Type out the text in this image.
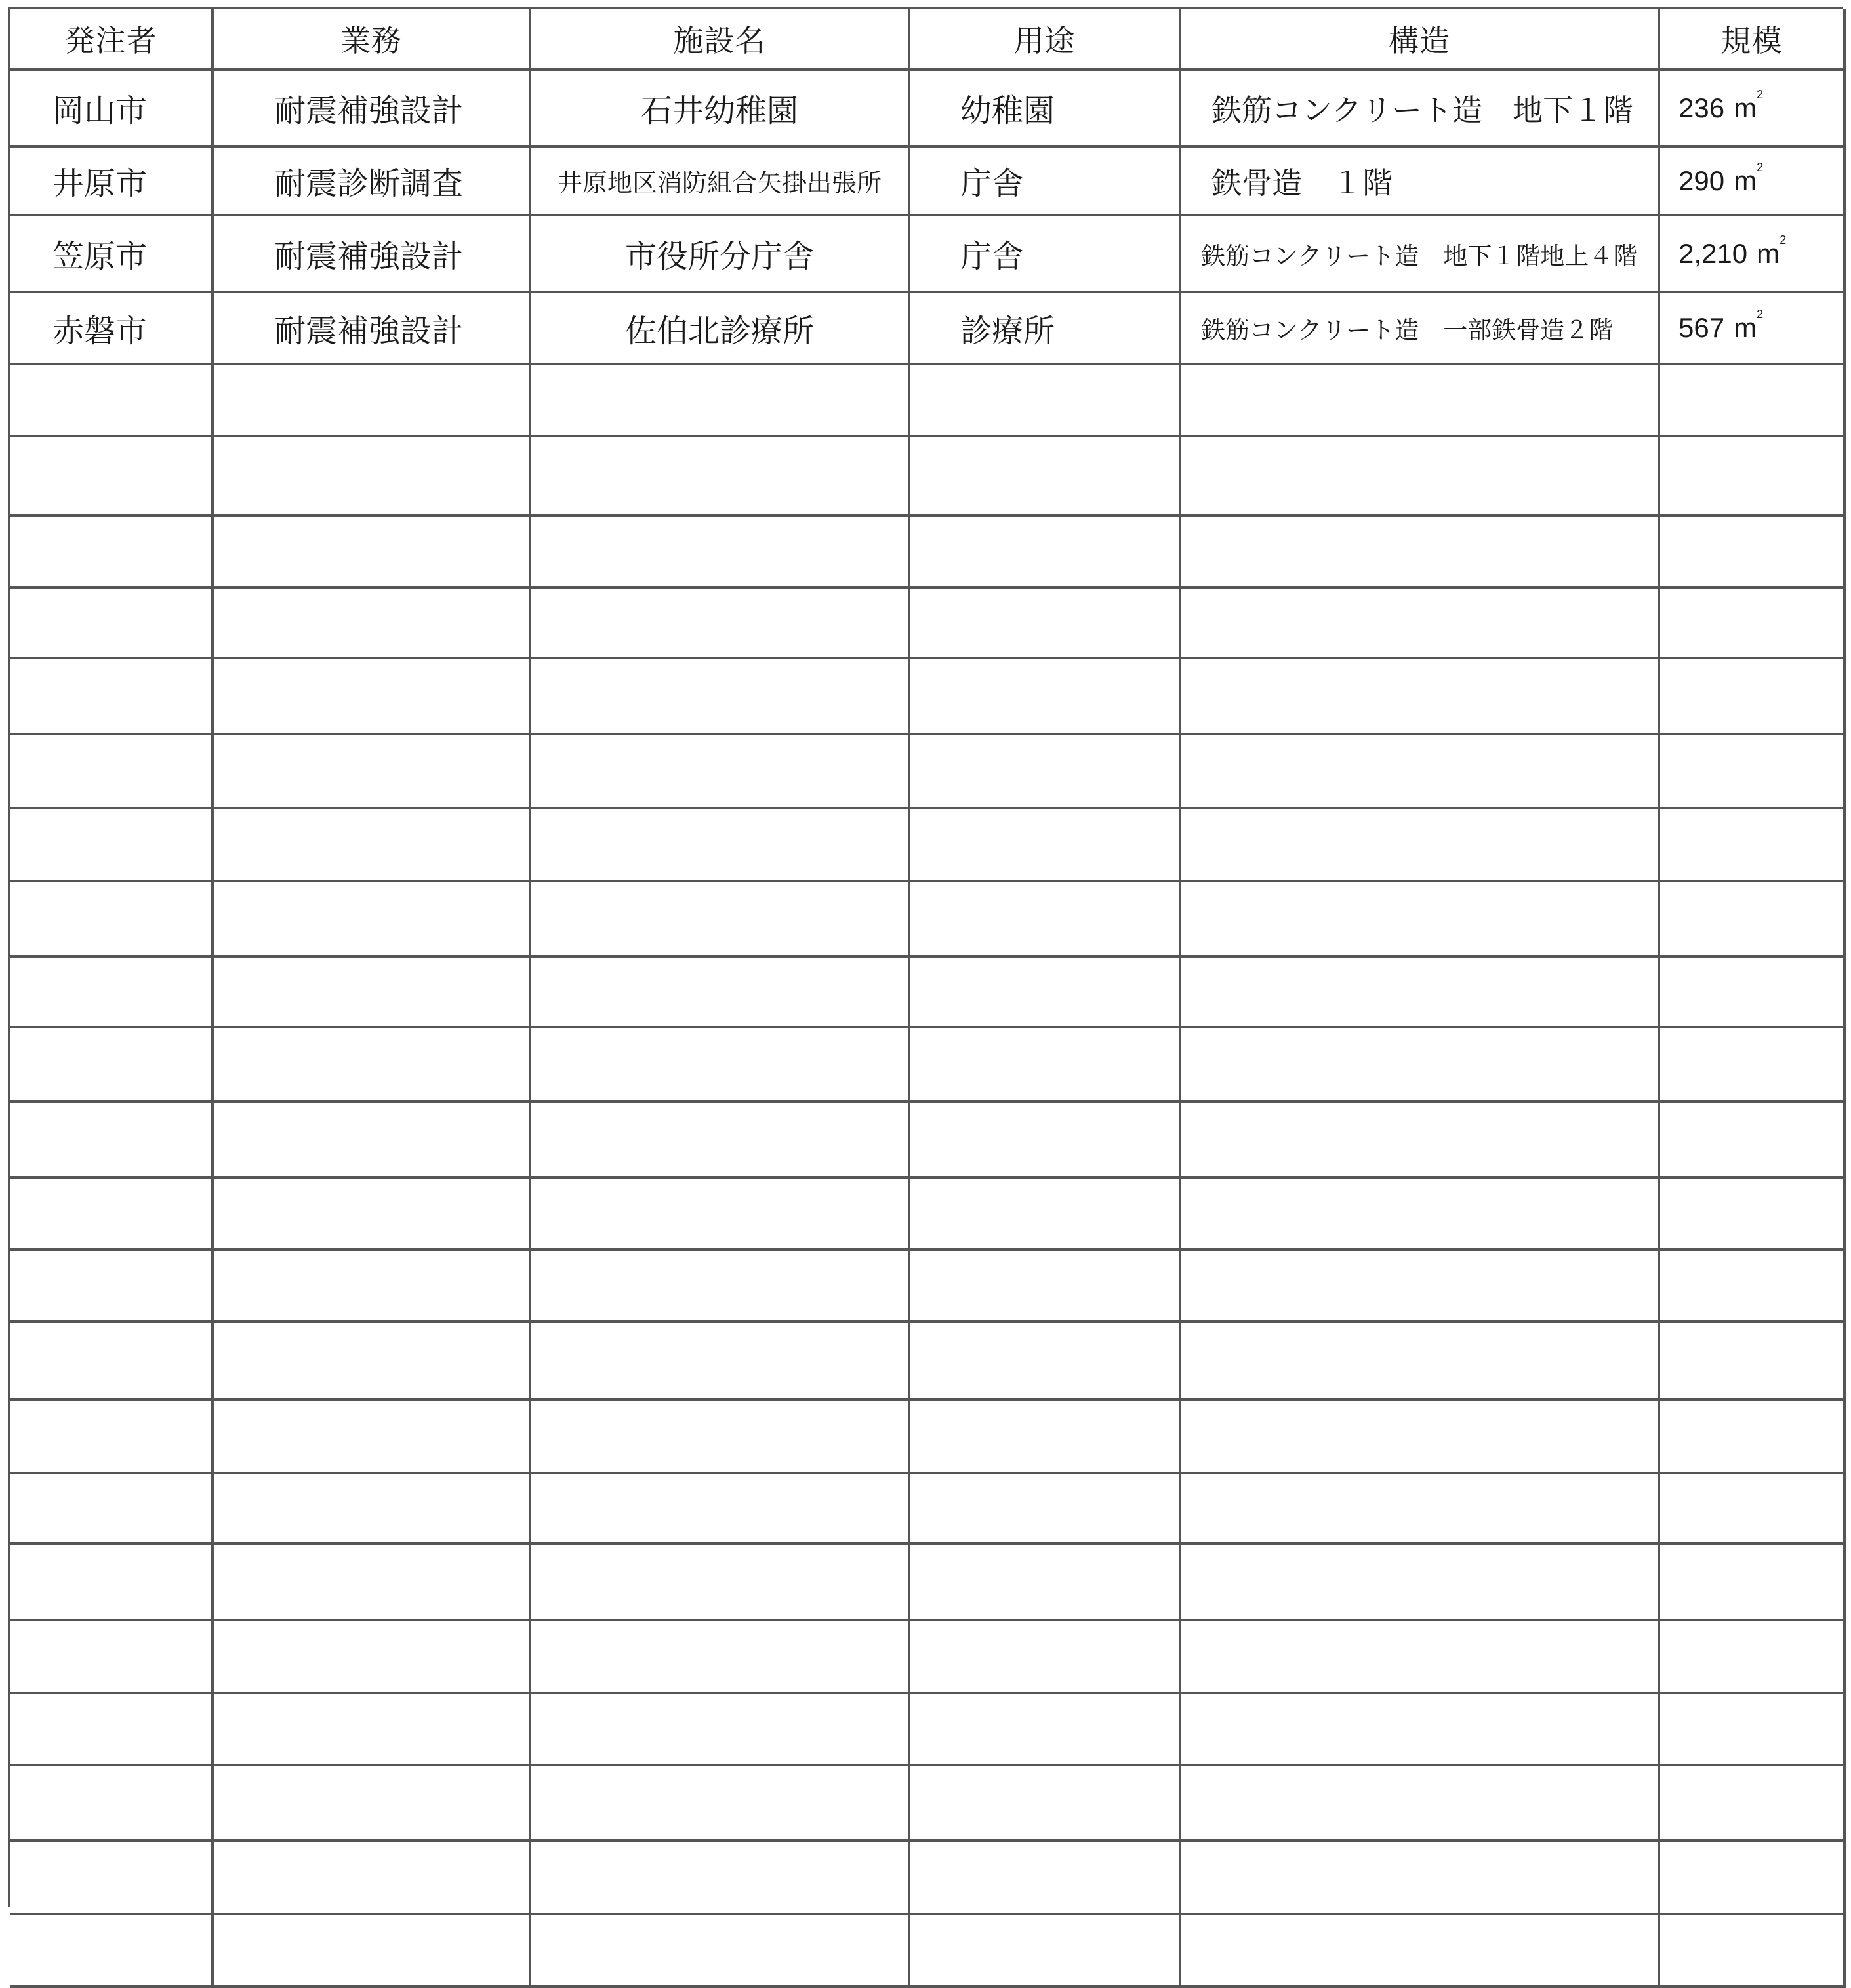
発注者	業務	施設名	用途	構造	規模
岡山市	耐震補強設計	石井幼稚園	幼稚園	鉄筋コンクリート造　地下１階	236 $m^2$
井原市	耐震診断調査	井原地区消防組合矢掛出張所	庁舎	鉄骨造　１階	290 $m^2$
笠原市	耐震補強設計	市役所分庁舎	庁舎	鉄筋コンクリート造　地下１階地上４階	2,210 $m^2$
赤磐市	耐震補強設計	佐伯北診療所	診療所	鉄筋コンクリート造　一部鉄骨造２階	567 $m^2$
